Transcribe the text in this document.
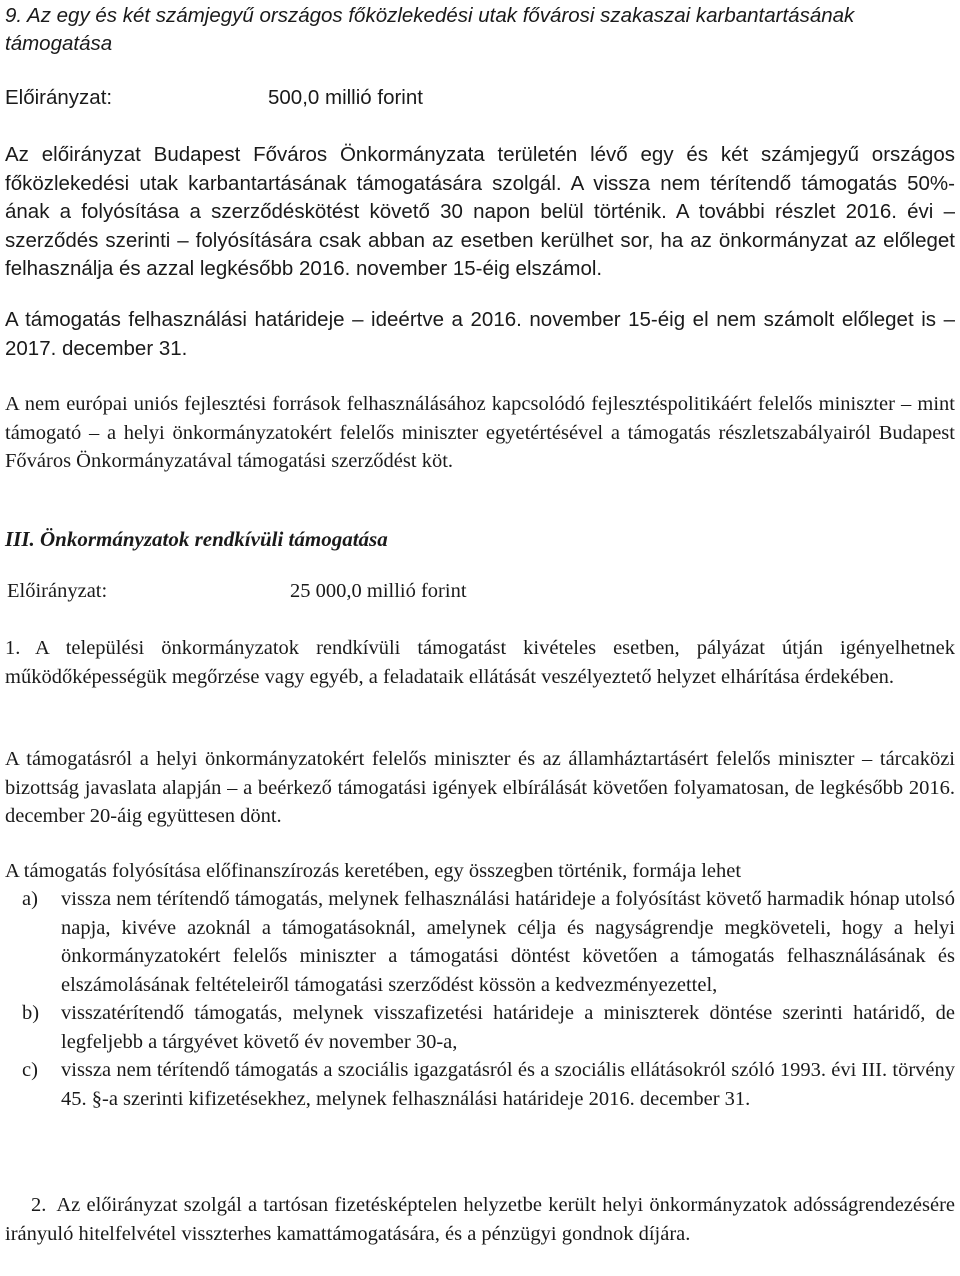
9. Az egy és két számjegyű országos főközlekedési utak fővárosi szakaszai karbantartásának támogatása

Előirányzat:	500,0 millió forint

Az előirányzat Budapest Főváros Önkormányzata területén lévő egy és két számjegyű országos főközlekedési utak karbantartásának támogatására szolgál. A vissza nem térítendő támogatás 50%-ának a folyósítása a szerződéskötést követő 30 napon belül történik. A további részlet 2016. évi – szerződés szerinti – folyósítására csak abban az esetben kerülhet sor, ha az önkormányzat az előleget felhasználja és azzal legkésőbb 2016. november 15-éig elszámol.

A támogatás felhasználási határideje – ideértve a 2016. november 15-éig el nem számolt előleget is – 2017. december 31.

A nem európai uniós fejlesztési források felhasználásához kapcsolódó fejlesztéspolitikáért felelős miniszter – mint támogató – a helyi önkormányzatokért felelős miniszter egyetértésével a támogatás részletszabályairól Budapest Főváros Önkormányzatával támogatási szerződést köt.

III. Önkormányzatok rendkívüli támogatása

Előirányzat:	25 000,0 millió forint

1. A települési önkormányzatok rendkívüli támogatást kivételes esetben, pályázat útján igényelhetnek működőképességük megőrzése vagy egyéb, a feladataik ellátását veszélyeztető helyzet elhárítása érdekében.

A támogatásról a helyi önkormányzatokért felelős miniszter és az államháztartásért felelős miniszter – tárcaközi bizottság javaslata alapján – a beérkező támogatási igények elbírálását követően folyamatosan, de legkésőbb 2016. december 20-áig együttesen dönt.

A támogatás folyósítása előfinanszírozás keretében, egy összegben történik, formája lehet

a) vissza nem térítendő támogatás, melynek felhasználási határideje a folyósítást követő harmadik hónap utolsó napja, kivéve azoknál a támogatásoknál, amelynek célja és nagyságrendje megköveteli, hogy a helyi önkormányzatokért felelős miniszter a támogatási döntést követően a támogatás felhasználásának és elszámolásának feltételeiről támogatási szerződést kössön a kedvezményezettel,
b) visszatérítendő támogatás, melynek visszafizetési határideje a miniszterek döntése szerinti határidő, de legfeljebb a tárgyévet követő év november 30-a,
c) vissza nem térítendő támogatás a szociális igazgatásról és a szociális ellátásokról szóló 1993. évi III. törvény 45. §-a szerinti kifizetésekhez, melynek felhasználási határideje 2016. december 31.

2. Az előirányzat szolgál a tartósan fizetésképtelen helyzetbe került helyi önkormányzatok adósságrendezésére irányuló hitelfelvétel visszterhes kamattámogatására, és a pénzügyi gondnok díjára.
